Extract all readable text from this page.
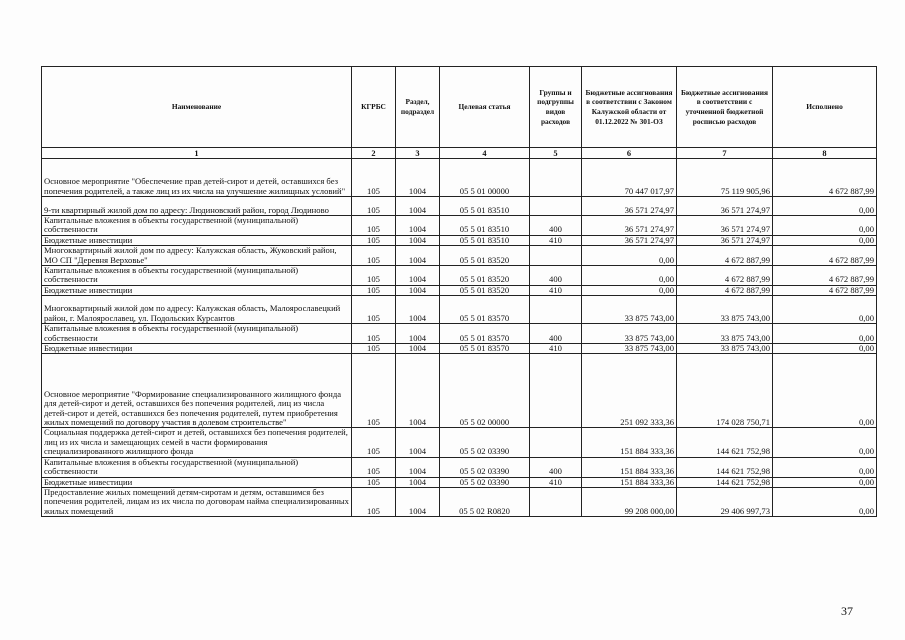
Наименование	КГРБС	Раздел, подраздел	Целевая статья	Группы и подгруппы видов расходов	Бюджетные ассигнования в соответствии с Законом Калужской области от 01.12.2022 № 301-ОЗ	Бюджетные ассигнования в соответствии с уточненной бюджетной росписью расходов	Исполнено
1	2	3	4	5	6	7	8
Основное мероприятие "Обеспечение прав детей-сирот и детей, оставшихся без попечения родителей, а также лиц из их числа на улучшение жилищных условий"	105	1004	05 5 01 00000		70 447 017,97	75 119 905,96	4 672 887,99
9-ти квартирный жилой дом по адресу: Людиновский район, город Людиново	105	1004	05 5 01 83510		36 571 274,97	36 571 274,97	0,00
Капитальные вложения в объекты государственной (муниципальной) собственности	105	1004	05 5 01 83510	400	36 571 274,97	36 571 274,97	0,00
Бюджетные инвестиции	105	1004	05 5 01 83510	410	36 571 274,97	36 571 274,97	0,00
Многоквартирный жилой дом по адресу: Калужская область, Жуковский район, МО СП "Деревня Верховье"	105	1004	05 5 01 83520		0,00	4 672 887,99	4 672 887,99
Капитальные вложения в объекты государственной (муниципальной) собственности	105	1004	05 5 01 83520	400	0,00	4 672 887,99	4 672 887,99
Бюджетные инвестиции	105	1004	05 5 01 83520	410	0,00	4 672 887,99	4 672 887,99
Многоквартирный жилой дом по адресу: Калужская область, Малоярославецкий район, г. Малоярославец, ул. Подольских Курсантов	105	1004	05 5 01 83570		33 875 743,00	33 875 743,00	0,00
Капитальные вложения в объекты государственной (муниципальной) собственности	105	1004	05 5 01 83570	400	33 875 743,00	33 875 743,00	0,00
Бюджетные инвестиции	105	1004	05 5 01 83570	410	33 875 743,00	33 875 743,00	0,00
Основное мероприятие "Формирование специализированного жилищного фонда для детей-сирот и детей, оставшихся без попечения родителей, лиц из числа детей-сирот и детей, оставшихся без попечения родителей, путем приобретения жилых помещений по договору участия в долевом строительстве"	105	1004	05 5 02 00000		251 092 333,36	174 028 750,71	0,00
Социальная поддержка детей-сирот и детей, оставшихся без попечения родителей, лиц из их числа и замещающих семей в части формирования специализированного жилищного фонда	105	1004	05 5 02 03390		151 884 333,36	144 621 752,98	0,00
Капитальные вложения в объекты государственной (муниципальной) собственности	105	1004	05 5 02 03390	400	151 884 333,36	144 621 752,98	0,00
Бюджетные инвестиции	105	1004	05 5 02 03390	410	151 884 333,36	144 621 752,98	0,00
Предоставление жилых помещений детям-сиротам и детям, оставшимся без попечения родителей, лицам из их числа по договорам найма специализированных жилых помещений	105	1004	05 5 02 R0820		99 208 000,00	29 406 997,73	0,00
37
